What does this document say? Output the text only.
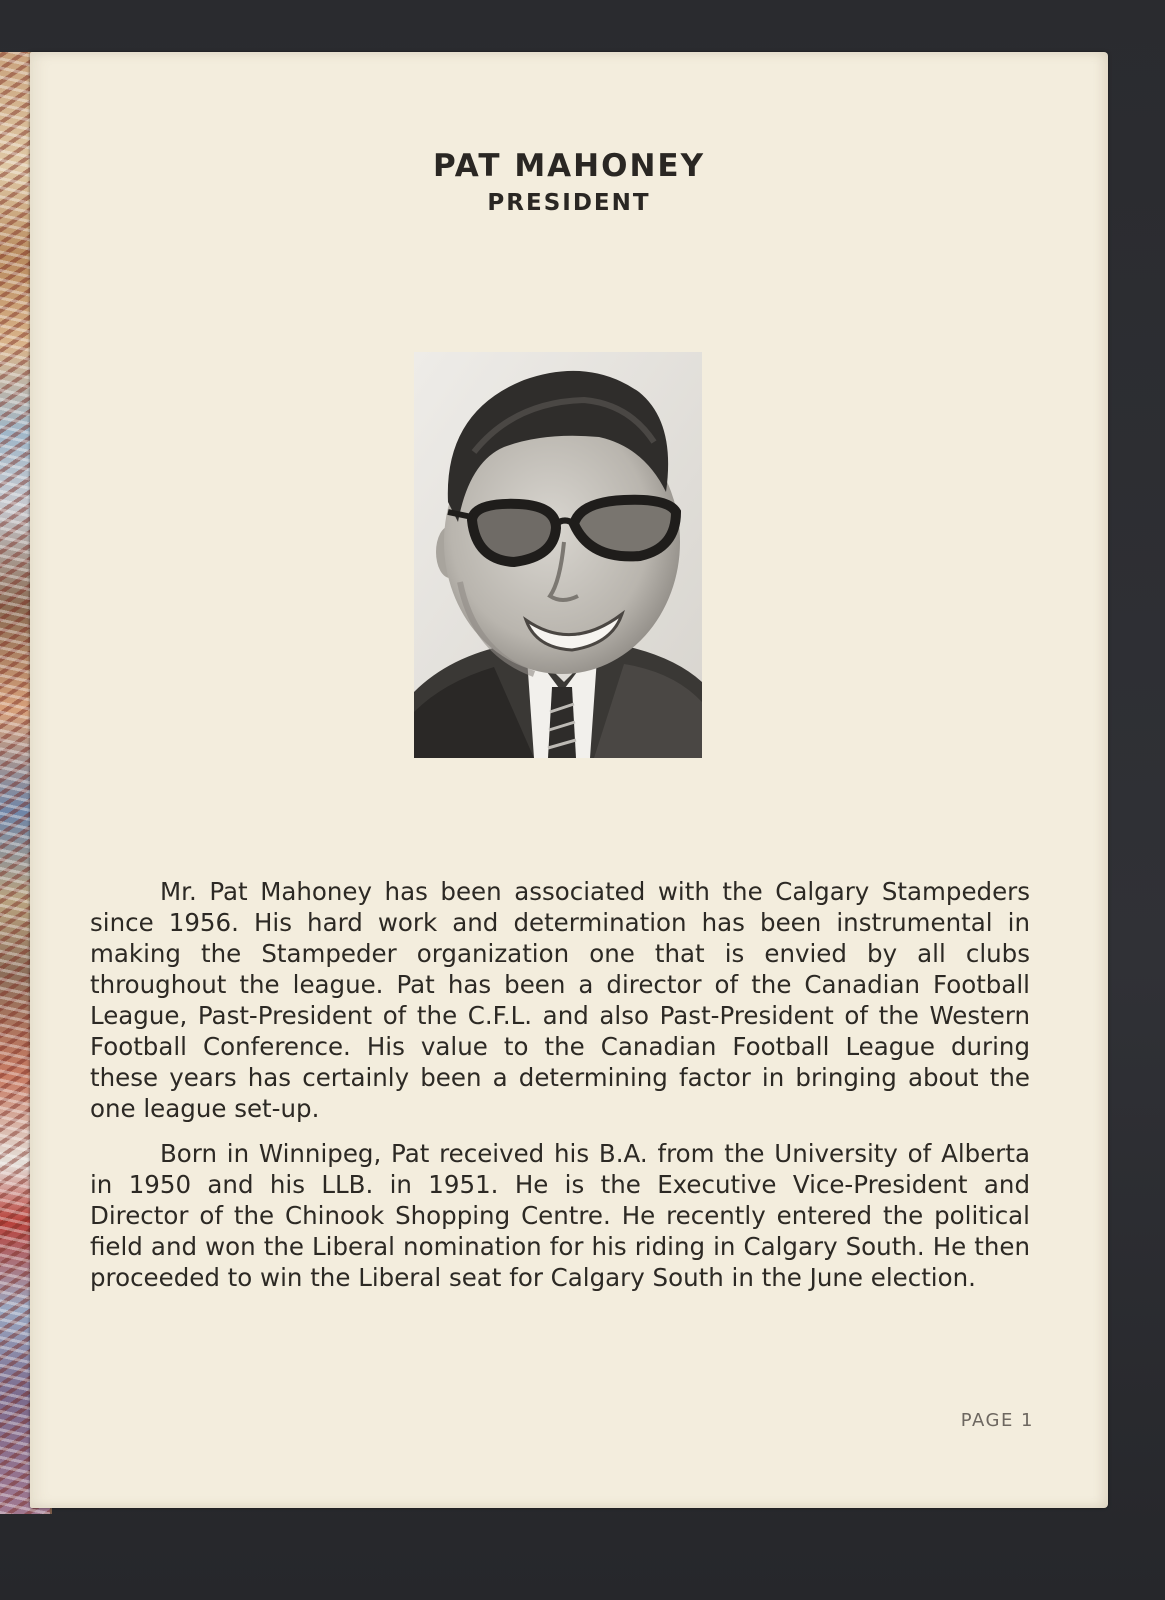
PAT MAHONEY
PRESIDENT

Mr. Pat Mahoney has been associated with the Calgary Stampeders since 1956. His hard work and determination has been instrumental in making the Stampeder organization one that is envied by all clubs throughout the league. Pat has been a director of the Canadian Football League, Past-President of the C.F.L. and also Past-President of the Western Football Conference. His value to the Canadian Football League during these years has certainly been a determining factor in bringing about the one league set-up.

Born in Winnipeg, Pat received his B.A. from the University of Alberta in 1950 and his LLB. in 1951. He is the Executive Vice-President and Director of the Chinook Shopping Centre. He recently entered the political field and won the Liberal nomination for his riding in Calgary South. He then proceeded to win the Liberal seat for Calgary South in the June election.

PAGE 1
